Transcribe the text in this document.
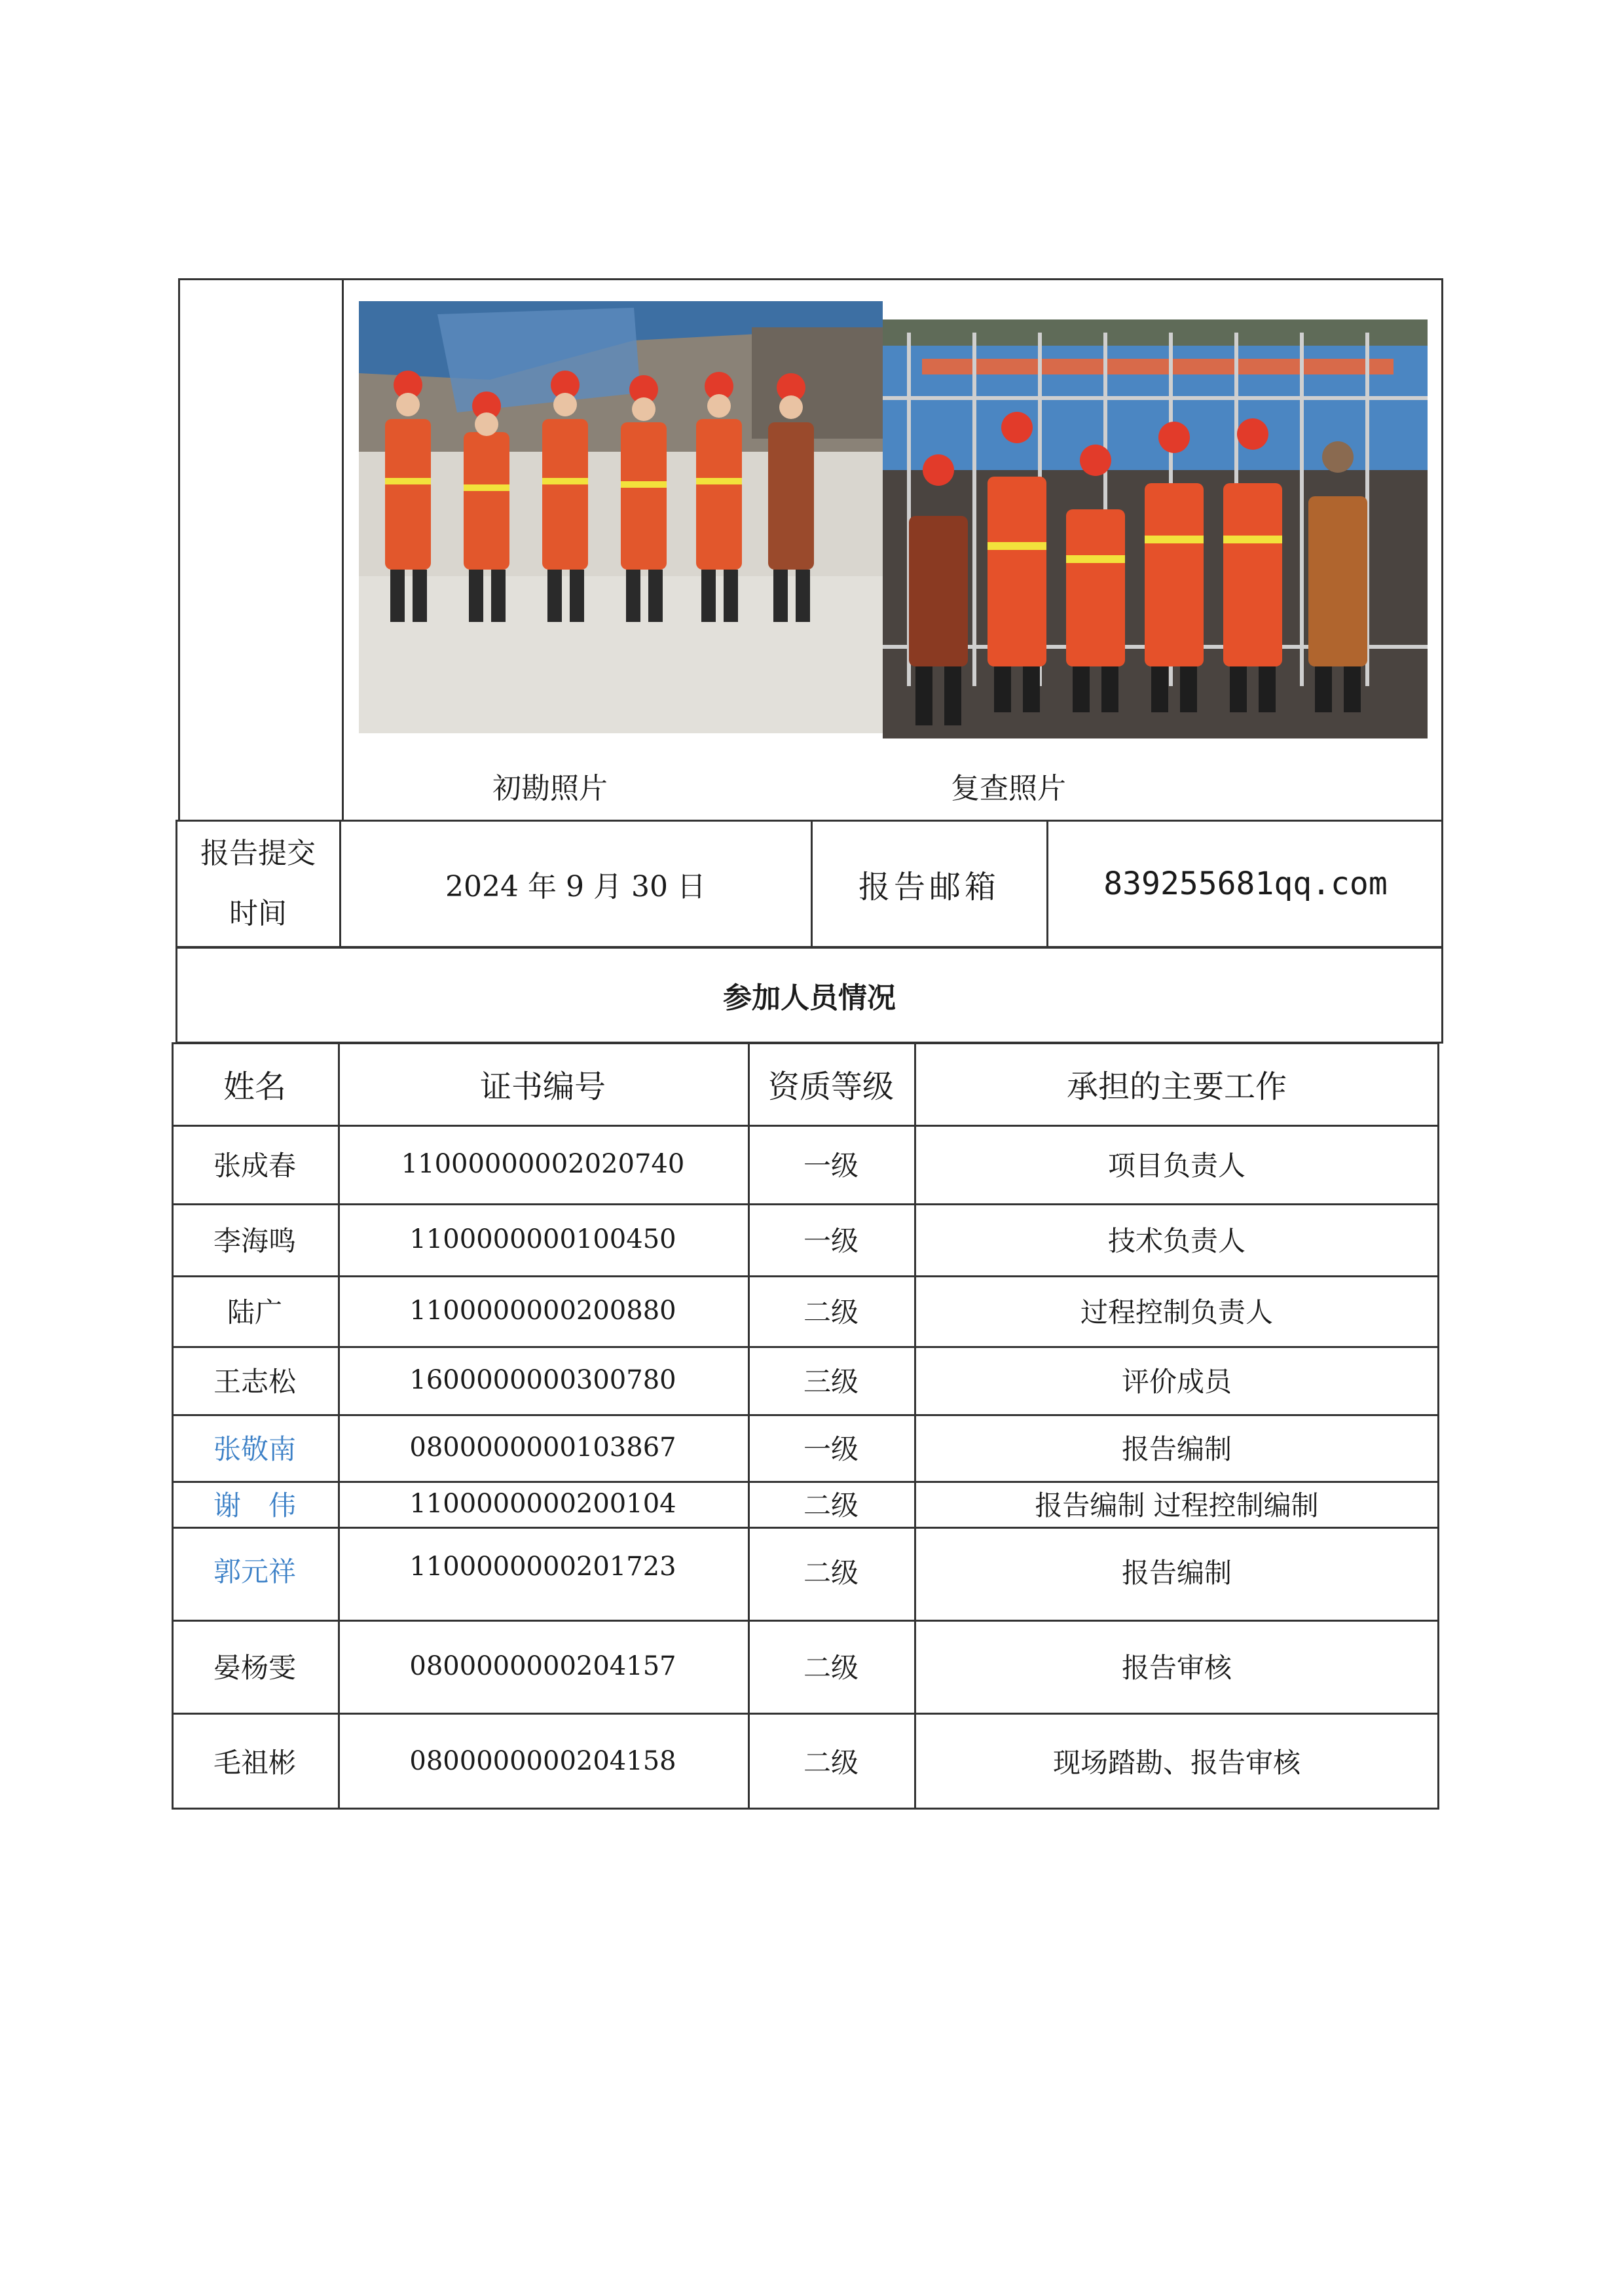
初勘照片	复查照片
报告提交
时间
2024 年 9 月 30 日	报告邮箱	839255681qq.com
参加人员情况
姓名	证书编号	资质等级	承担的主要工作
张成春	11000000002020740	一级	项目负责人
李海鸣	1100000000100450	一级	技术负责人
陆广	1100000000200880	二级	过程控制负责人
王志松	1600000000300780	三级	评价成员
张敬南	0800000000103867	一级	报告编制
谢　伟	1100000000200104	二级	报告编制 过程控制编制
郭元祥	1100000000201723	二级	报告编制
晏杨雯	0800000000204157	二级	报告审核
毛祖彬	0800000000204158	二级	现场踏勘、报告审核
